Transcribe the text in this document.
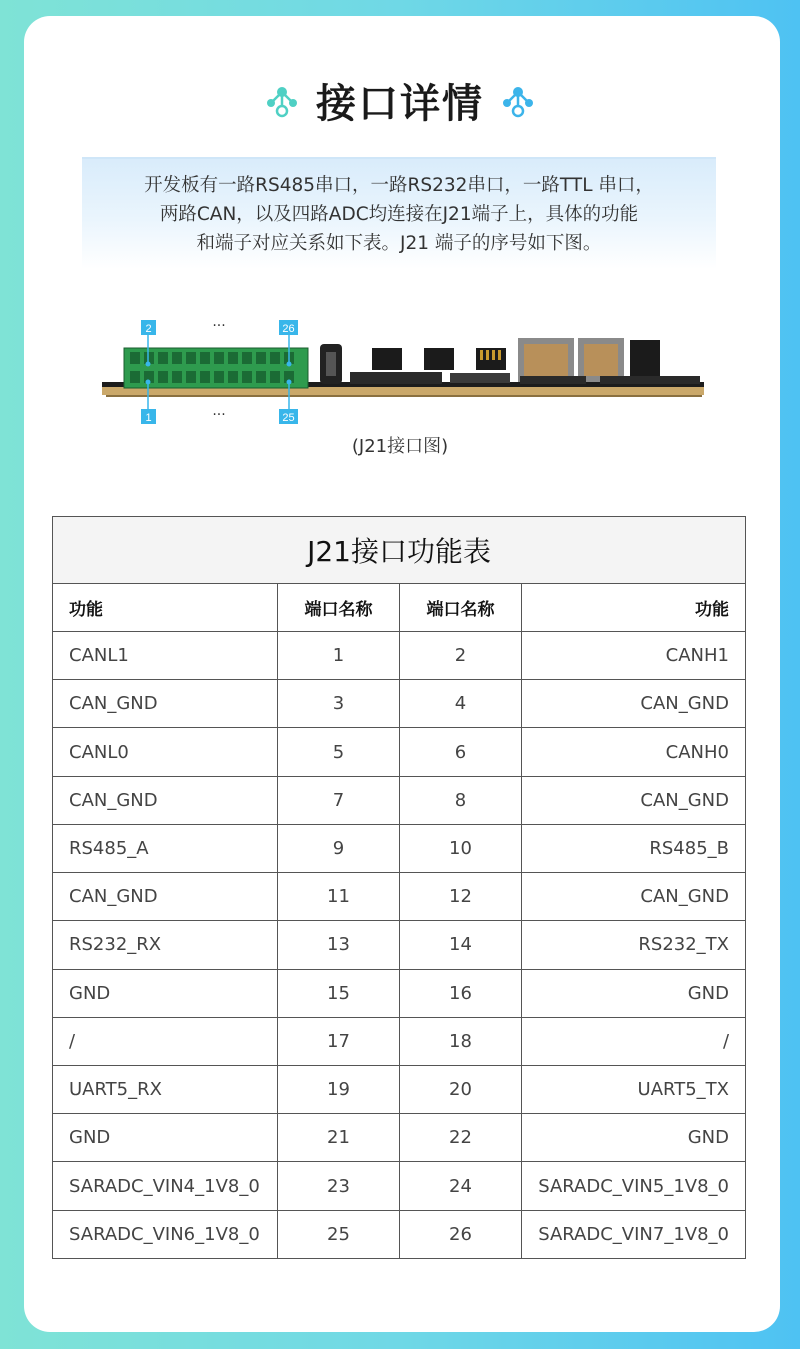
接口详情

开发板有一路RS485串口，一路RS232串口，一路TTL 串口，
两路CAN，以及四路ADC均连接在J21端子上，具体的功能
和端子对应关系如下表。J21 端子的序号如下图。

2	26
1	25
···
···
(J21接口图)
J21接口功能表			
功能	端口名称	端口名称	功能
CANL1	1	2	CANH1
CAN_GND	3	4	CAN_GND
CANL0	5	6	CANH0
CAN_GND	7	8	CAN_GND
RS485_A	9	10	RS485_B
CAN_GND	11	12	CAN_GND
RS232_RX	13	14	RS232_TX
GND	15	16	GND
/	17	18	/
UART5_RX	19	20	UART5_TX
GND	21	22	GND
SARADC_VIN4_1V8_0	23	24	SARADC_VIN5_1V8_0
SARADC_VIN6_1V8_0	25	26	SARADC_VIN7_1V8_0
